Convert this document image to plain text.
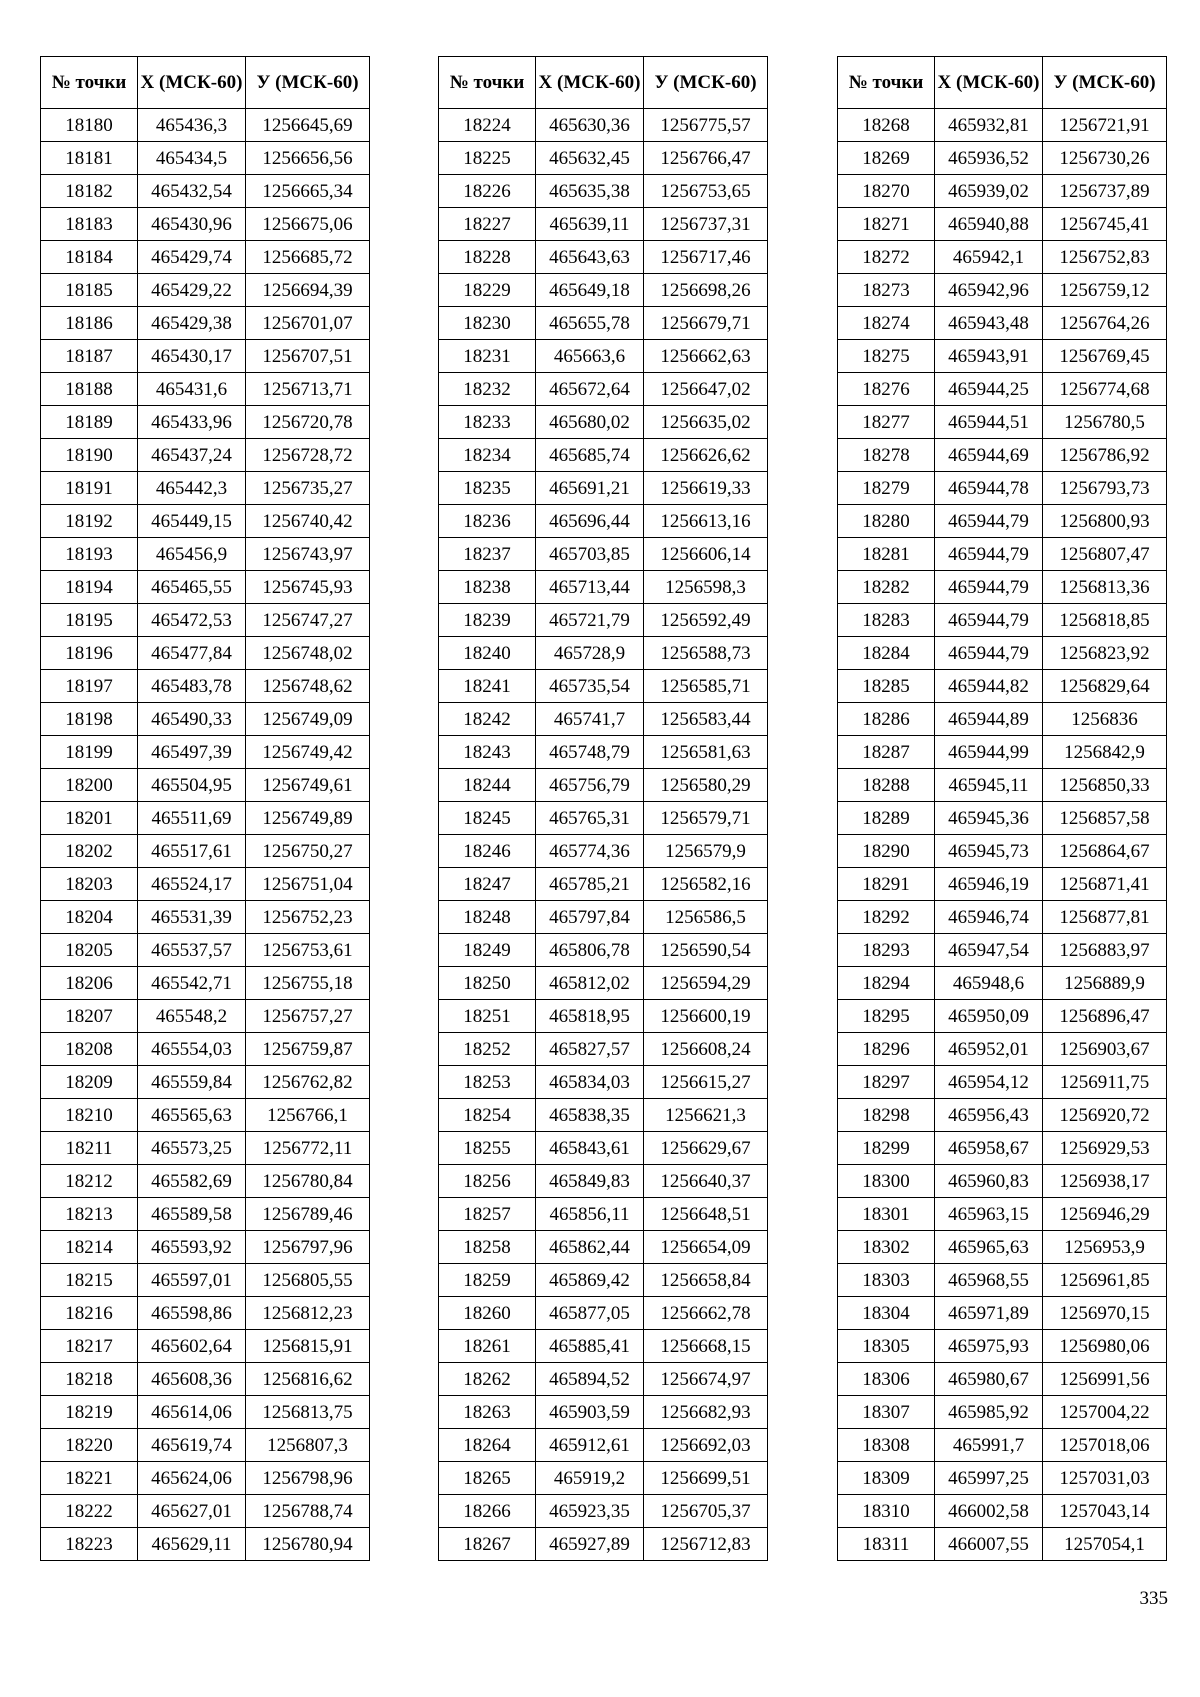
№ точки	X (МСК-60)	У (МСК-60)
18180	465436,3	1256645,69
18181	465434,5	1256656,56
18182	465432,54	1256665,34
18183	465430,96	1256675,06
18184	465429,74	1256685,72
18185	465429,22	1256694,39
18186	465429,38	1256701,07
18187	465430,17	1256707,51
18188	465431,6	1256713,71
18189	465433,96	1256720,78
18190	465437,24	1256728,72
18191	465442,3	1256735,27
18192	465449,15	1256740,42
18193	465456,9	1256743,97
18194	465465,55	1256745,93
18195	465472,53	1256747,27
18196	465477,84	1256748,02
18197	465483,78	1256748,62
18198	465490,33	1256749,09
18199	465497,39	1256749,42
18200	465504,95	1256749,61
18201	465511,69	1256749,89
18202	465517,61	1256750,27
18203	465524,17	1256751,04
18204	465531,39	1256752,23
18205	465537,57	1256753,61
18206	465542,71	1256755,18
18207	465548,2	1256757,27
18208	465554,03	1256759,87
18209	465559,84	1256762,82
18210	465565,63	1256766,1
18211	465573,25	1256772,11
18212	465582,69	1256780,84
18213	465589,58	1256789,46
18214	465593,92	1256797,96
18215	465597,01	1256805,55
18216	465598,86	1256812,23
18217	465602,64	1256815,91
18218	465608,36	1256816,62
18219	465614,06	1256813,75
18220	465619,74	1256807,3
18221	465624,06	1256798,96
18222	465627,01	1256788,74
18223	465629,11	1256780,94
№ точки	X (МСК-60)	У (МСК-60)
18224	465630,36	1256775,57
18225	465632,45	1256766,47
18226	465635,38	1256753,65
18227	465639,11	1256737,31
18228	465643,63	1256717,46
18229	465649,18	1256698,26
18230	465655,78	1256679,71
18231	465663,6	1256662,63
18232	465672,64	1256647,02
18233	465680,02	1256635,02
18234	465685,74	1256626,62
18235	465691,21	1256619,33
18236	465696,44	1256613,16
18237	465703,85	1256606,14
18238	465713,44	1256598,3
18239	465721,79	1256592,49
18240	465728,9	1256588,73
18241	465735,54	1256585,71
18242	465741,7	1256583,44
18243	465748,79	1256581,63
18244	465756,79	1256580,29
18245	465765,31	1256579,71
18246	465774,36	1256579,9
18247	465785,21	1256582,16
18248	465797,84	1256586,5
18249	465806,78	1256590,54
18250	465812,02	1256594,29
18251	465818,95	1256600,19
18252	465827,57	1256608,24
18253	465834,03	1256615,27
18254	465838,35	1256621,3
18255	465843,61	1256629,67
18256	465849,83	1256640,37
18257	465856,11	1256648,51
18258	465862,44	1256654,09
18259	465869,42	1256658,84
18260	465877,05	1256662,78
18261	465885,41	1256668,15
18262	465894,52	1256674,97
18263	465903,59	1256682,93
18264	465912,61	1256692,03
18265	465919,2	1256699,51
18266	465923,35	1256705,37
18267	465927,89	1256712,83
№ точки	X (МСК-60)	У (МСК-60)
18268	465932,81	1256721,91
18269	465936,52	1256730,26
18270	465939,02	1256737,89
18271	465940,88	1256745,41
18272	465942,1	1256752,83
18273	465942,96	1256759,12
18274	465943,48	1256764,26
18275	465943,91	1256769,45
18276	465944,25	1256774,68
18277	465944,51	1256780,5
18278	465944,69	1256786,92
18279	465944,78	1256793,73
18280	465944,79	1256800,93
18281	465944,79	1256807,47
18282	465944,79	1256813,36
18283	465944,79	1256818,85
18284	465944,79	1256823,92
18285	465944,82	1256829,64
18286	465944,89	1256836
18287	465944,99	1256842,9
18288	465945,11	1256850,33
18289	465945,36	1256857,58
18290	465945,73	1256864,67
18291	465946,19	1256871,41
18292	465946,74	1256877,81
18293	465947,54	1256883,97
18294	465948,6	1256889,9
18295	465950,09	1256896,47
18296	465952,01	1256903,67
18297	465954,12	1256911,75
18298	465956,43	1256920,72
18299	465958,67	1256929,53
18300	465960,83	1256938,17
18301	465963,15	1256946,29
18302	465965,63	1256953,9
18303	465968,55	1256961,85
18304	465971,89	1256970,15
18305	465975,93	1256980,06
18306	465980,67	1256991,56
18307	465985,92	1257004,22
18308	465991,7	1257018,06
18309	465997,25	1257031,03
18310	466002,58	1257043,14
18311	466007,55	1257054,1
335
